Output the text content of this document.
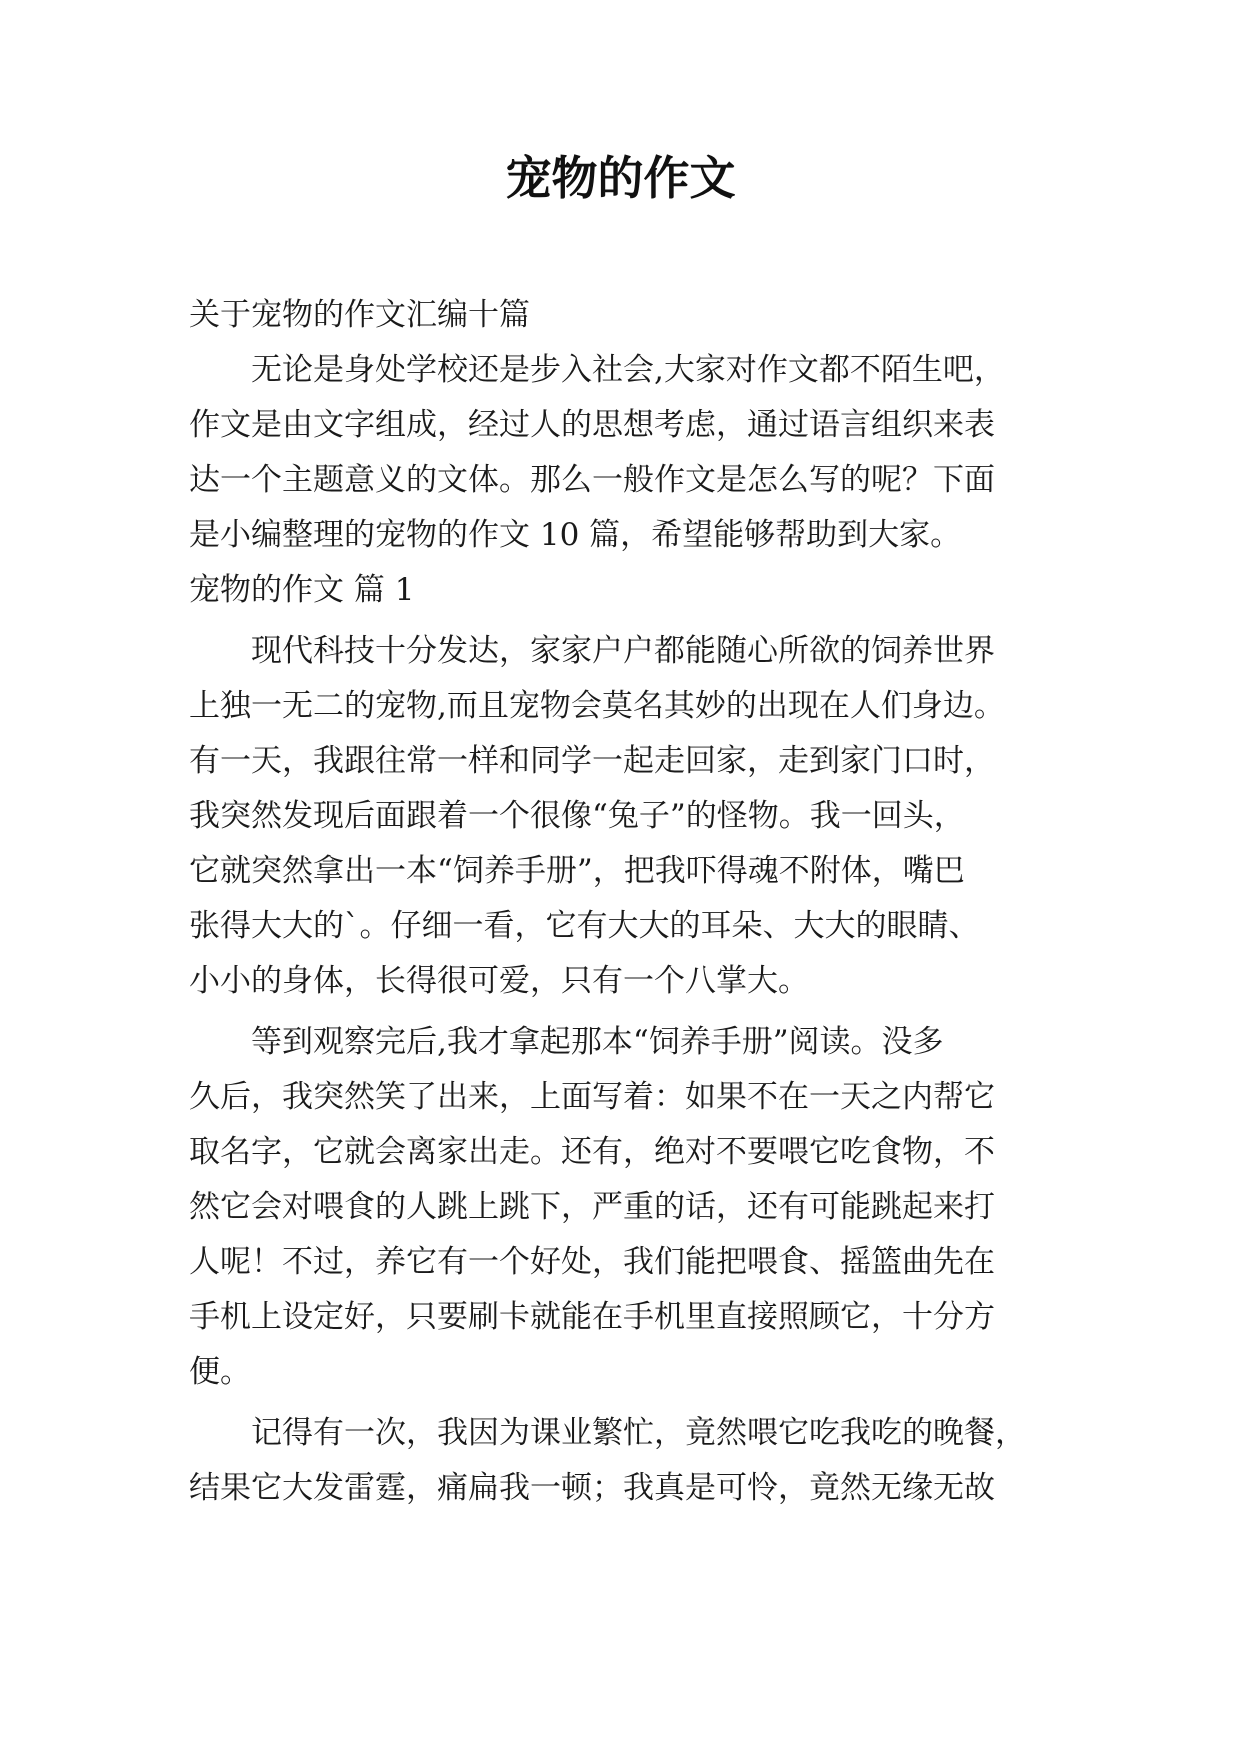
宠物的作文
关于宠物的作文汇编十篇
无论是身处学校还是步入社会,大家对作文都不陌生吧，
作文是由文字组成，经过人的思想考虑，通过语言组织来表
达一个主题意义的文体。那么一般作文是怎么写的呢？下面
是小编整理的宠物的作文 10 篇，希望能够帮助到大家。
宠物的作文 篇 1
现代科技十分发达，家家户户都能随心所欲的饲养世界
上独一无二的宠物,而且宠物会莫名其妙的出现在人们身边。
有一天，我跟往常一样和同学一起走回家，走到家门口时，
我突然发现后面跟着一个很像“兔子”的怪物。我一回头，
它就突然拿出一本“饲养手册”，把我吓得魂不附体，嘴巴
张得大大的`。仔细一看，它有大大的耳朵、大大的眼睛、
小小的身体，长得很可爱，只有一个八掌大。
等到观察完后,我才拿起那本“饲养手册”阅读。没多
久后，我突然笑了出来，上面写着：如果不在一天之内帮它
取名字，它就会离家出走。还有，绝对不要喂它吃食物，不
然它会对喂食的人跳上跳下，严重的话，还有可能跳起来打
人呢！不过，养它有一个好处，我们能把喂食、摇篮曲先在
手机上设定好，只要刷卡就能在手机里直接照顾它，十分方
便。
记得有一次，我因为课业繁忙，竟然喂它吃我吃的晚餐，
结果它大发雷霆，痛扁我一顿；我真是可怜，竟然无缘无故
